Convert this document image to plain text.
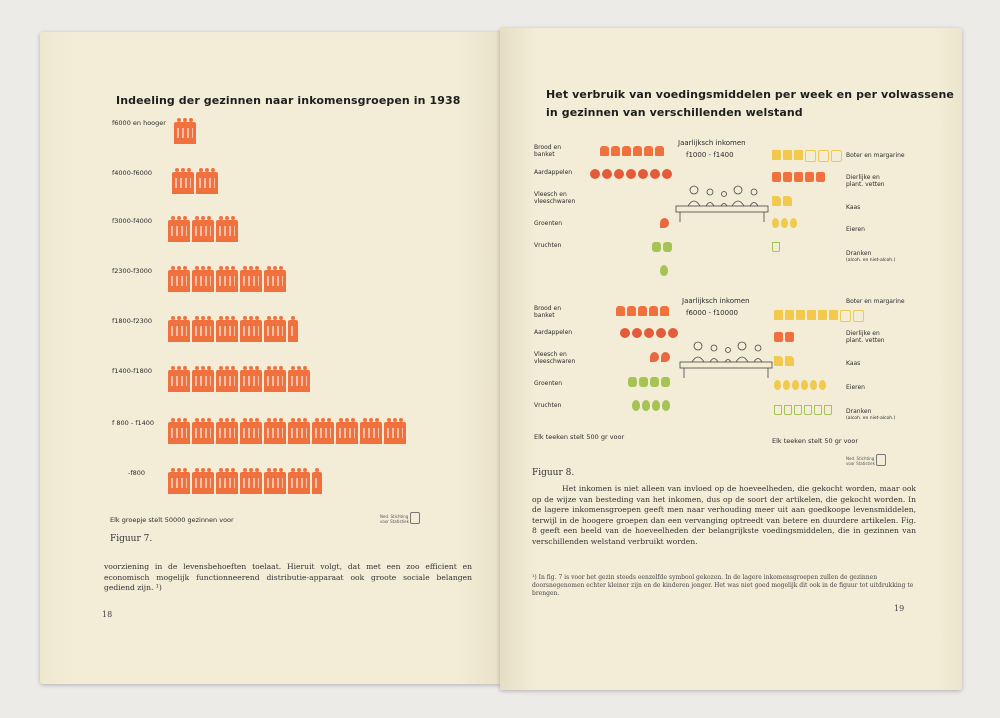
Indeeling der gezinnen naar inkomensgroepen in 1938
f6000 en hooger
f4000-f6000
f3000-f4000
f2300-f3000
f1800-f2300
f1400-f1800
f 800 - f1400
-f800
Elk groepje stelt 50000 gezinnen voor	Ned. Stichting voor Statistiek
Figuur 7.
voorziening in de levensbehoeften toelaat. Hieruit volgt, dat met een zoo efficient en economisch mogelijk functionneerend distributie-apparaat ook groote sociale belangen gediend zijn. ¹)
18
Het verbruik van voedingsmiddelen per week en per volwassene
in gezinnen van verschillenden welstand
Jaarlijksch inkomen
f1000 - f1400
Brood en banket
Aardappelen
Vleesch en vleeschwaren
Groenten
Vruchten
Boter en margarine
Dierlijke en plant. vetten
Kaas
Eieren
Dranken
(alcoh. en niet-alcoh.)
Jaarlijksch inkomen
f6000 - f10000
Brood en banket
Aardappelen
Vleesch en vleeschwaren
Groenten
Vruchten
Boter en margarine
Dierlijke en plant. vetten
Kaas
Eieren
Dranken
(alcoh. en niet-alcoh.)
Elk teeken stelt 500 gr voor	Elk teeken stelt 50 gr voor
Ned. Stichting voor Statistiek
Figuur 8.
Het inkomen is niet alleen van invloed op de hoeveelheden, die gekocht worden, maar ook op de wijze van besteding van het inkomen, dus op de soort der artikelen, die gekocht worden. In de lagere inkomensgroepen geeft men naar verhouding meer uit aan goedkoope levensmiddelen, terwijl in de hoogere groepen dan een vervanging optreedt van betere en duurdere artikelen. Fig. 8 geeft een beeld van de hoeveelheden der belangrijkste voedingsmiddelen, die in gezinnen van verschillenden welstand verbruikt worden.
¹) In fig. 7 is voor het gezin steeds eenzelfde symbool gekozen. In de lagere inkomensgroepen zullen de gezinnen doorsnegenomen echter kleiner zijn en de kinderen jonger. Het was niet goed mogelijk dit ook in de figuur tot uitdrukking te brengen.
19
